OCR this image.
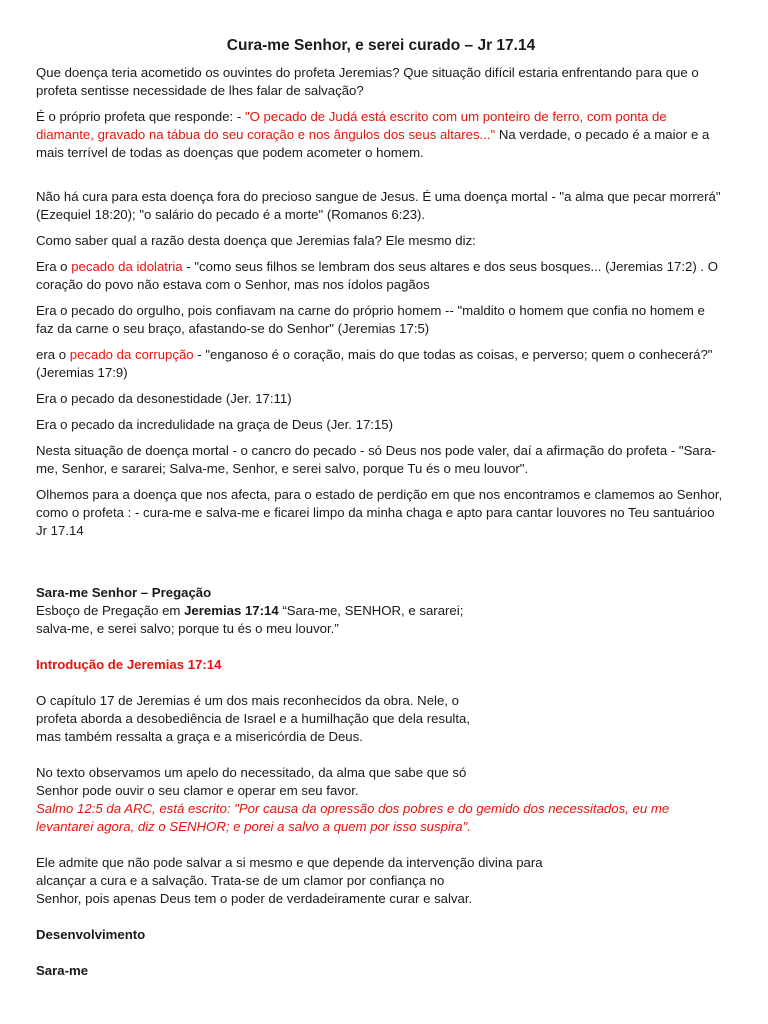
Cura-me Senhor, e serei curado – Jr 17.14

Que doença teria acometido os ouvintes do profeta Jeremias? Que situação difícil estaria enfrentando para que o profeta sentisse necessidade de lhes falar de salvação?

É o próprio profeta que responde: - "O pecado de Judá está escrito com um ponteiro de ferro, com ponta de diamante, gravado na tábua do seu coração e nos ângulos dos seus altares..." Na verdade, o pecado é a maior e a mais terrível de todas as doenças que podem acometer o homem.

Não há cura para esta doença fora do precioso sangue de Jesus. É uma doença mortal - "a alma que pecar morrerá" (Ezequiel 18:20); "o salário do pecado é a morte" (Romanos 6:23).

Como saber qual a razão desta doença que Jeremias fala? Ele mesmo diz:

Era o pecado da idolatria - "como seus filhos se lembram dos seus altares e dos seus bosques... (Jeremias 17:2) . O coração do povo não estava com o Senhor, mas nos ídolos pagãos

Era o pecado do orgulho, pois confiavam na carne do próprio homem -- "maldito o homem que confia no homem e faz da carne o seu braço, afastando-se do Senhor" (Jeremias 17:5)

era o pecado da corrupção - "enganoso é o coração, mais do que todas as coisas, e perverso; quem o conhecerá?" (Jeremias 17:9)

Era o pecado da desonestidade (Jer. 17:11)

Era o pecado da incredulidade na graça de Deus (Jer. 17:15)

Nesta situação de doença mortal - o cancro do pecado - só Deus nos pode valer, daí a afirmação do profeta - "Sara-me, Senhor, e sararei; Salva-me, Senhor, e serei salvo, porque Tu és o meu louvor".

Olhemos para a doença que nos afecta, para o estado de perdição em que nos encontramos e clamemos ao Senhor, como o profeta : - cura-me e salva-me e ficarei limpo da minha chaga e apto para cantar louvores no Teu santuárioo Jr 17.14

Sara-me Senhor – Pregação
Esboço de Pregação em Jeremias 17:14 “Sara-me, SENHOR, e sararei;
salva-me, e serei salvo; porque tu és o meu louvor.”
Introdução de Jeremias 17:14

O capítulo 17 de Jeremias é um dos mais reconhecidos da obra. Nele, o profeta aborda a desobediência de Israel e a humilhação que dela resulta, mas também ressalta a graça e a misericórdia de Deus.

No texto observamos um apelo do necessitado, da alma que sabe que só
Senhor pode ouvir o seu clamor e operar em seu favor.

Salmo 12:5 da ARC, está escrito: "Por causa da opressão dos pobres e do gemido dos necessitados, eu me levantarei agora, diz o SENHOR; e porei a salvo a quem por isso suspira".

Ele admite que não pode salvar a si mesmo e que depende da intervenção divina para
alcançar a cura e a salvação. Trata-se de um clamor por confiança no
Senhor, pois apenas Deus tem o poder de verdadeiramente curar e salvar.
Desenvolvimento
Sara-me
